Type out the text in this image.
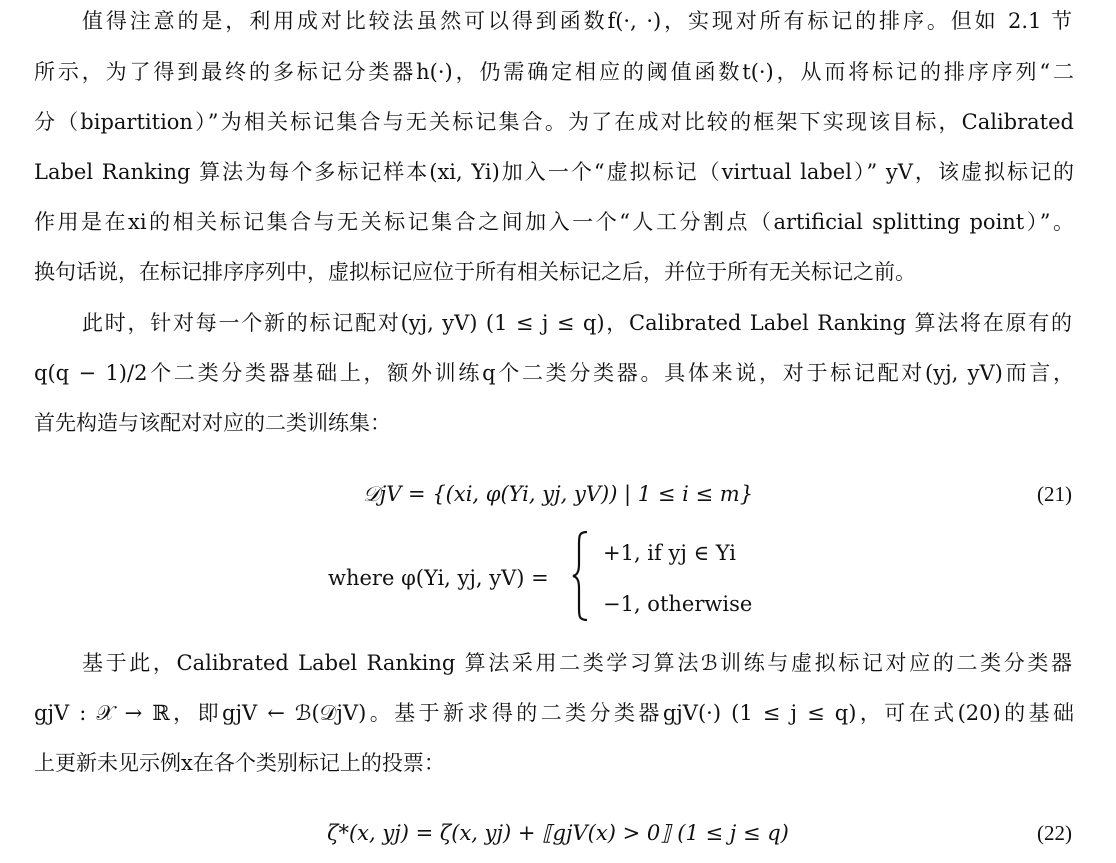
值得注意的是，利用成对比较法虽然可以得到函数f(·, ·)，实现对所有标记的排序。但如 2.1 节
所示，为了得到最终的多标记分类器h(·)，仍需确定相应的阈值函数t(·)，从而将标记的排序序列“二
分（bipartition）”为相关标记集合与无关标记集合。为了在成对比较的框架下实现该目标，Calibrated
Label Ranking 算法为每个多标记样本(xi, Yi)加入一个“虚拟标记（virtual label）” yV，该虚拟标记的
作用是在xi的相关标记集合与无关标记集合之间加入一个“人工分割点（artificial splitting point）”。
换句话说，在标记排序序列中，虚拟标记应位于所有相关标记之后，并位于所有无关标记之前。
此时，针对每一个新的标记配对(yj, yV) (1 ≤ j ≤ q)，Calibrated Label Ranking 算法将在原有的
q(q − 1)/2个二类分类器基础上，额外训练q个二类分类器。具体来说，对于标记配对(yj, yV)而言，
首先构造与该配对对应的二类训练集：
𝒟jV = {(xi, φ(Yi, yj, yV)) | 1 ≤ i ≤ m}	(21)
where φ(Yi, yj, yV) =
+1, if yj ∈ Yi
−1, otherwise
基于此，Calibrated Label Ranking 算法采用二类学习算法ℬ训练与虚拟标记对应的二类分类器
gjV : 𝒳 → ℝ，即gjV ← ℬ(𝒟jV)。基于新求得的二类分类器gjV(·) (1 ≤ j ≤ q)，可在式(20)的基础
上更新未见示例x在各个类别标记上的投票：
ζ*(x, yj) = ζ(x, yj) + ⟦gjV(x) > 0⟧ (1 ≤ j ≤ q)	(22)
